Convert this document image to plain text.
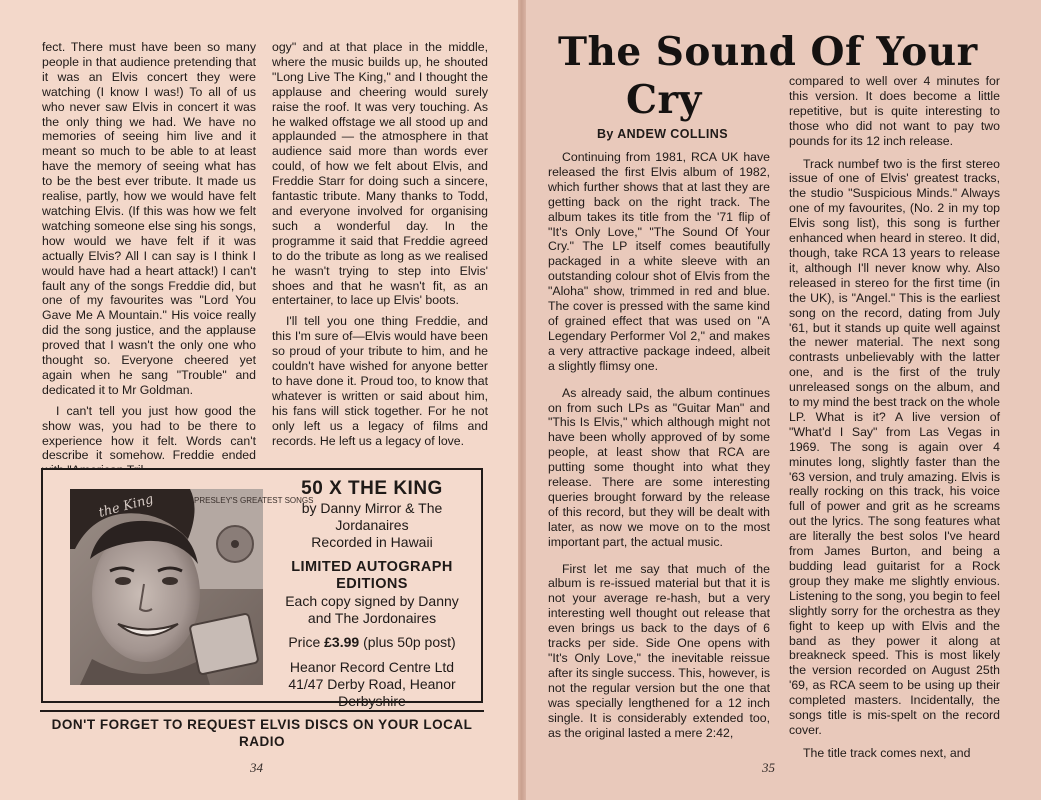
fect. There must have been so many people in that audience pretending that it was an Elvis concert they were watching (I know I was!) To all of us who never saw Elvis in concert it was the only thing we had. We have no memories of seeing him live and it meant so much to be able to at least have the memory of seeing what has to be the best ever tribute. It made us realise, partly, how we would have felt watching Elvis. (If this was how we felt watching someone else sing his songs, how would we have felt if it was actually Elvis? All I can say is I think I would have had a heart attack!) I can't fault any of the songs Freddie did, but one of my favourites was "Lord You Gave Me A Mountain." His voice really did the song justice, and the applause proved that I wasn't the only one who thought so. Everyone cheered yet again when he sang "Trouble" and dedicated it to Mr Goldman.

I can't tell you just how good the show was, you had to be there to experience how it felt. Words can't describe it somehow. Freddie ended

ogy" and at that place in the middle, where the music builds up, he shouted "Long Live The King," and I thought the applause and cheering would surely raise the roof. It was very touching. As he walked offstage we all stood up and applaunded — the atmosphere in that audience said more than words ever could, of how we felt about Elvis, and Freddie Starr for doing such a sincere, fantastic tribute. Many thanks to Todd, and everyone involved for organising such a wonderful day. In the programme it said that Freddie agreed to do the tribute as long as we realised he wasn't trying to step into Elvis' shoes and that he wasn't fit, as an entertainer, to lace up Elvis' boots.

I'll tell you one thing Freddie, and this I'm sure of—Elvis would have been so proud of your tribute to him, and he couldn't have wished for anyone better to have done it. Proud too, to know that whatever is written or said about him, his fans will stick together. For he not only left us a legacy of films and records. He left us a legacy of love.

PRESLEY'S GREATEST SONGS
the King
50 X THE KING
by Danny Mirror & The
Jordanaires
Recorded in Hawaii
LIMITED AUTOGRAPH EDITIONS
Each copy signed by Danny
and The Jordonaires
Price £3.99 (plus 50p post)
Heanor Record Centre Ltd
41/47 Derby Road, Heanor
Derbyshire
DON'T FORGET TO REQUEST ELVIS DISCS ON YOUR LOCAL RADIO
34
The Sound Of Your
Cry
By ANDEW COLLINS

Continuing from 1981, RCA UK have released the first Elvis album of 1982, which further shows that at last they are getting back on the right track. The album takes its title from the '71 flip of "It's Only Love," "The Sound Of Your Cry." The LP itself comes beautifully packaged in a white sleeve with an outstanding colour shot of Elvis from the "Aloha" show, trimmed in red and blue. The cover is pressed with the same kind of grained effect that was used on "A Legendary Performer Vol 2," and makes a very attractive package indeed, albeit a slightly flimsy one.

As already said, the album continues on from such LPs as "Guitar Man" and "This Is Elvis," which although might not have been wholly approved of by some people, at least show that RCA are putting some thought into what they release. There are some interesting queries brought forward by the release of this record, but they will be dealt with later, as now we move on to the most important part, the actual music.

First let me say that much of the album is re-issued material but that it is not your average re-hash, but a very interesting well thought out release that even brings us back to the days of 6 tracks per side. Side One opens with "It's Only Love," the inevitable reissue after its single success. This, however, is not the regular version but the one that was specially lengthened for a 12 inch single. It is considerably extended too, as the original lasted a mere 2:42,

compared to well over 4 minutes for this version. It does become a little repetitive, but is quite interesting to those who did not want to pay two pounds for its 12 inch release.

Track numbef two is the first stereo issue of one of Elvis' greatest tracks, the studio "Suspicious Minds." Always one of my favourites, (No. 2 in my top Elvis song list), this song is further enhanced when heard in stereo. It did, though, take RCA 13 years to release it, although I'll never know why. Also released in stereo for the first time (in the UK), is "Angel." This is the earliest song on the record, dating from July '61, but it stands up quite well against the newer material. The next song contrasts unbelievably with the latter one, and is the first of the truly unreleased songs on the album, and to my mind the best track on the whole LP. What is it? A live version of "What'd I Say" from Las Vegas in 1969. The song is again over 4 minutes long, slightly faster than the '63 version, and truly amazing. Elvis is really rocking on this track, his voice full of power and grit as he screams out the lyrics. The song features what are literally the best solos I've heard from James Burton, and being a budding lead guitarist for a Rock group they make me slightly envious. Listening to the song, you begin to feel slightly sorry for the orchestra as they fight to keep up with Elvis and the band as they power it along at breakneck speed. This is most likely the version recorded on August 25th '69, as RCA seem to be using up their completed masters. Incidentally, the songs title is mis-spelt on the record cover.

The title track comes next, and

35
